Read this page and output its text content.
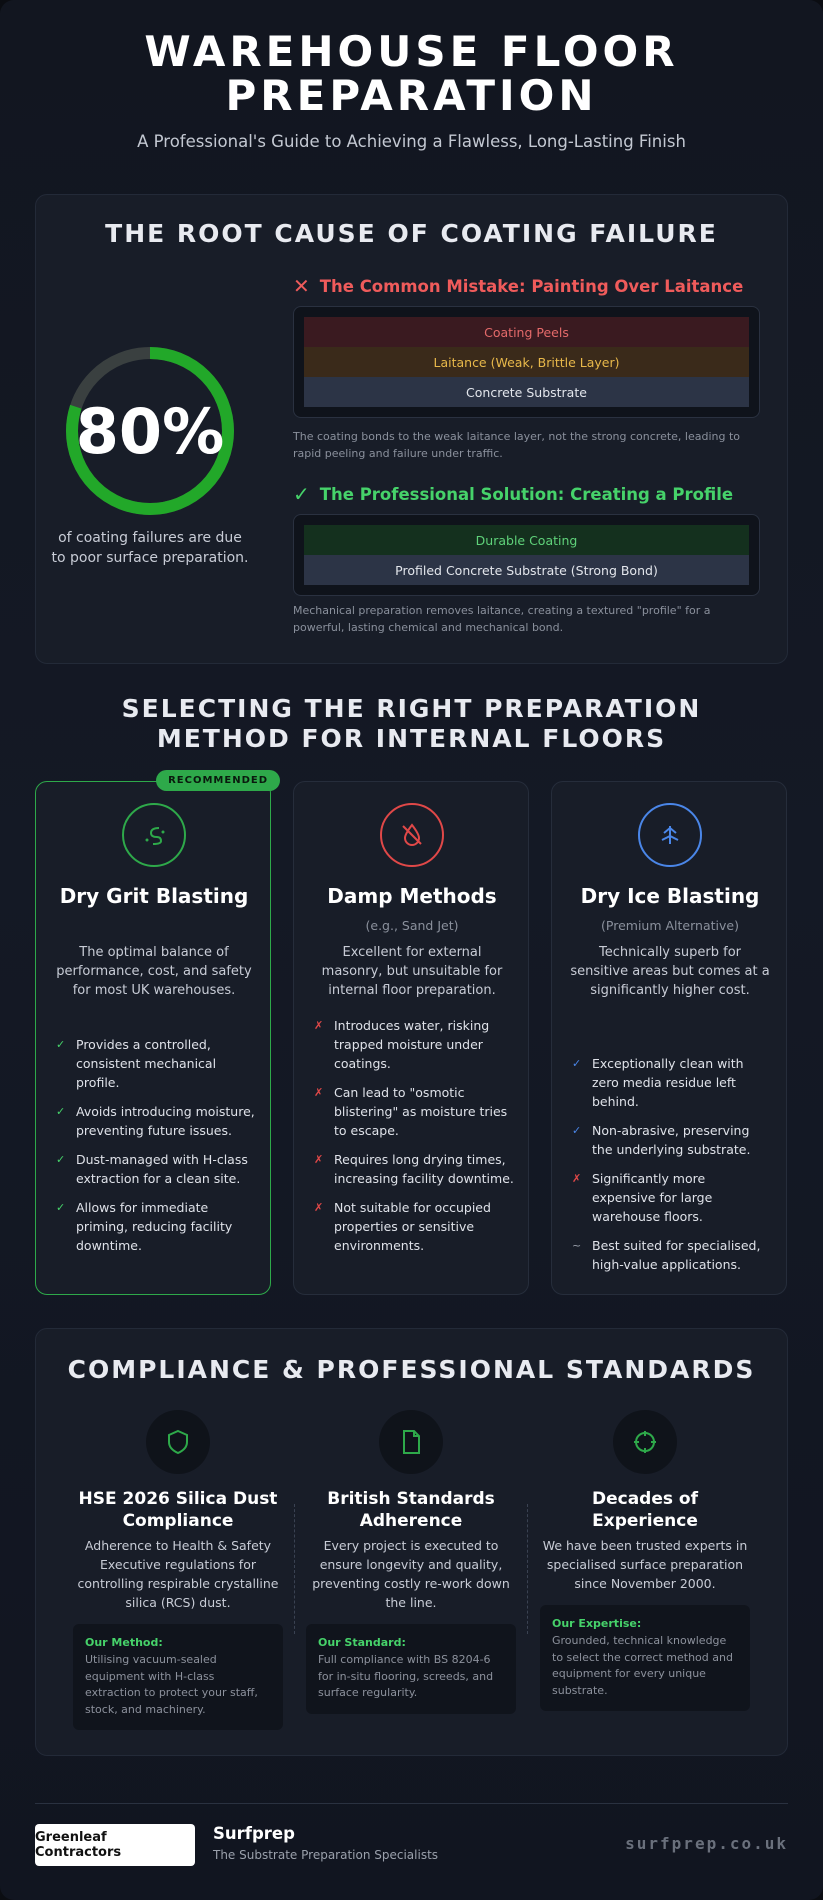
WAREHOUSE FLOOR PREPARATION
A Professional's Guide to Achieving a Flawless, Long-Lasting Finish
THE ROOT CAUSE OF COATING FAILURE
80%
of coating failures are due to poor surface preparation.
✕ The Common Mistake: Painting Over Laitance
Coating Peels
Laitance (Weak, Brittle Layer)
Concrete Substrate
The coating bonds to the weak laitance layer, not the strong concrete, leading to rapid peeling and failure under traffic.
✓ The Professional Solution: Creating a Profile
Durable Coating
Profiled Concrete Substrate (Strong Bond)
Mechanical preparation removes laitance, creating a textured "profile" for a powerful, lasting chemical and mechanical bond.
SELECTING THE RIGHT PREPARATION METHOD FOR INTERNAL FLOORS
RECOMMENDED
Dry Grit Blasting
The optimal balance of performance, cost, and safety for most UK warehouses.
✓ Provides a controlled, consistent mechanical profile.
✓ Avoids introducing moisture, preventing future issues.
✓ Dust-managed with H-class extraction for a clean site.
✓ Allows for immediate priming, reducing facility downtime.
Damp Methods
(e.g., Sand Jet)
Excellent for external masonry, but unsuitable for internal floor preparation.
✗ Introduces water, risking trapped moisture under coatings.
✗ Can lead to "osmotic blistering" as moisture tries to escape.
✗ Requires long drying times, increasing facility downtime.
✗ Not suitable for occupied properties or sensitive environments.
Dry Ice Blasting
(Premium Alternative)
Technically superb for sensitive areas but comes at a significantly higher cost.
✓ Exceptionally clean with zero media residue left behind.
✓ Non-abrasive, preserving the underlying substrate.
✗ Significantly more expensive for large warehouse floors.
~ Best suited for specialised, high-value applications.
COMPLIANCE & PROFESSIONAL STANDARDS
HSE 2026 Silica Dust Compliance
Adherence to Health & Safety Executive regulations for controlling respirable crystalline silica (RCS) dust.
Our Method:
Utilising vacuum-sealed equipment with H-class extraction to protect your staff, stock, and machinery.
British Standards Adherence
Every project is executed to ensure longevity and quality, preventing costly re-work down the line.
Our Standard:
Full compliance with BS 8204-6 for in-situ flooring, screeds, and surface regularity.
Decades of Experience
We have been trusted experts in specialised surface preparation since November 2000.
Our Expertise:
Grounded, technical knowledge to select the correct method and equipment for every unique substrate.
Greenleaf Contractors
Surfprep
The Substrate Preparation Specialists
surfprep.co.uk
